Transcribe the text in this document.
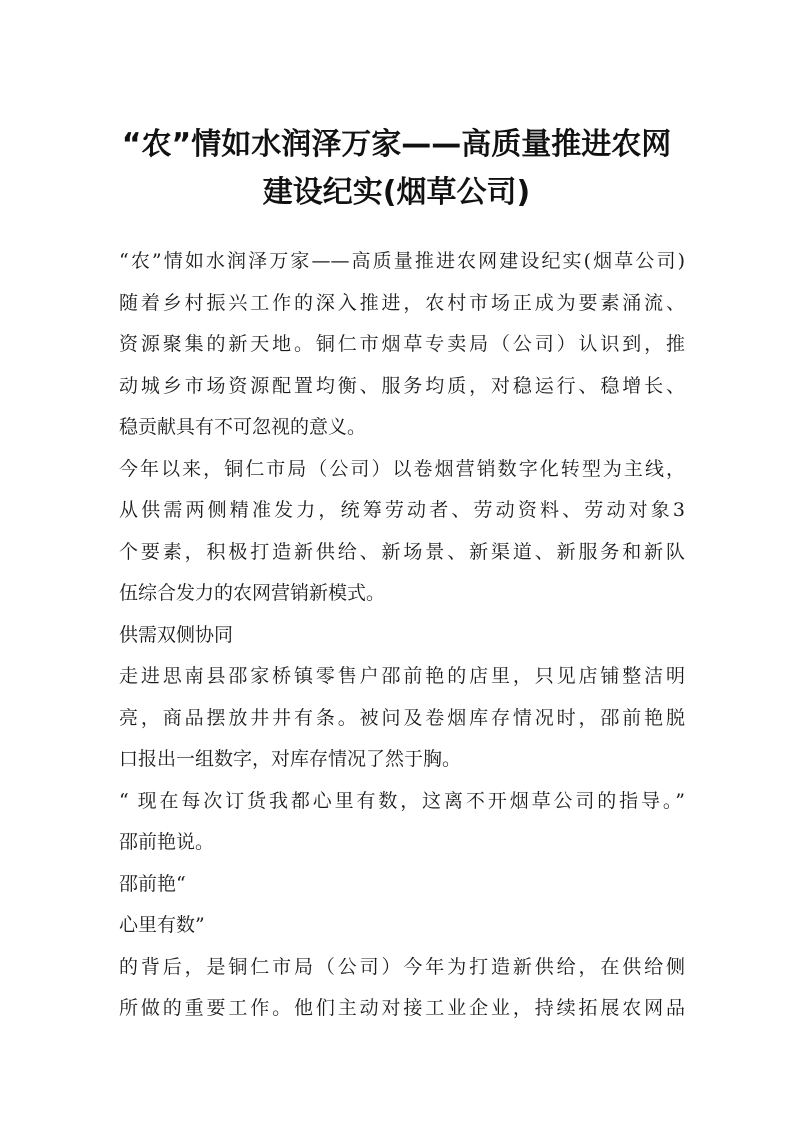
“农”情如水润泽万家——高质量推进农网
建设纪实(烟草公司)
“农”情如水润泽万家——高质量推进农网建设纪实(烟草公司)
随着乡村振兴工作的深入推进，农村市场正成为要素涌流、
资源聚集的新天地。铜仁市烟草专卖局（公司）认识到，推
动城乡市场资源配置均衡、服务均质，对稳运行、稳增长、
稳贡献具有不可忽视的意义。
今年以来，铜仁市局（公司）以卷烟营销数字化转型为主线，
从供需两侧精准发力，统筹劳动者、劳动资料、劳动对象3
个要素，积极打造新供给、新场景、新渠道、新服务和新队
伍综合发力的农网营销新模式。
供需双侧协同
走进思南县邵家桥镇零售户邵前艳的店里，只见店铺整洁明
亮，商品摆放井井有条。被问及卷烟库存情况时，邵前艳脱
口报出一组数字，对库存情况了然于胸。
“ 现在每次订货我都心里有数，这离不开烟草公司的指导。”
邵前艳说。
邵前艳“
心里有数”
的背后，是铜仁市局（公司）今年为打造新供给，在供给侧
所做的重要工作。他们主动对接工业企业，持续拓展农网品
